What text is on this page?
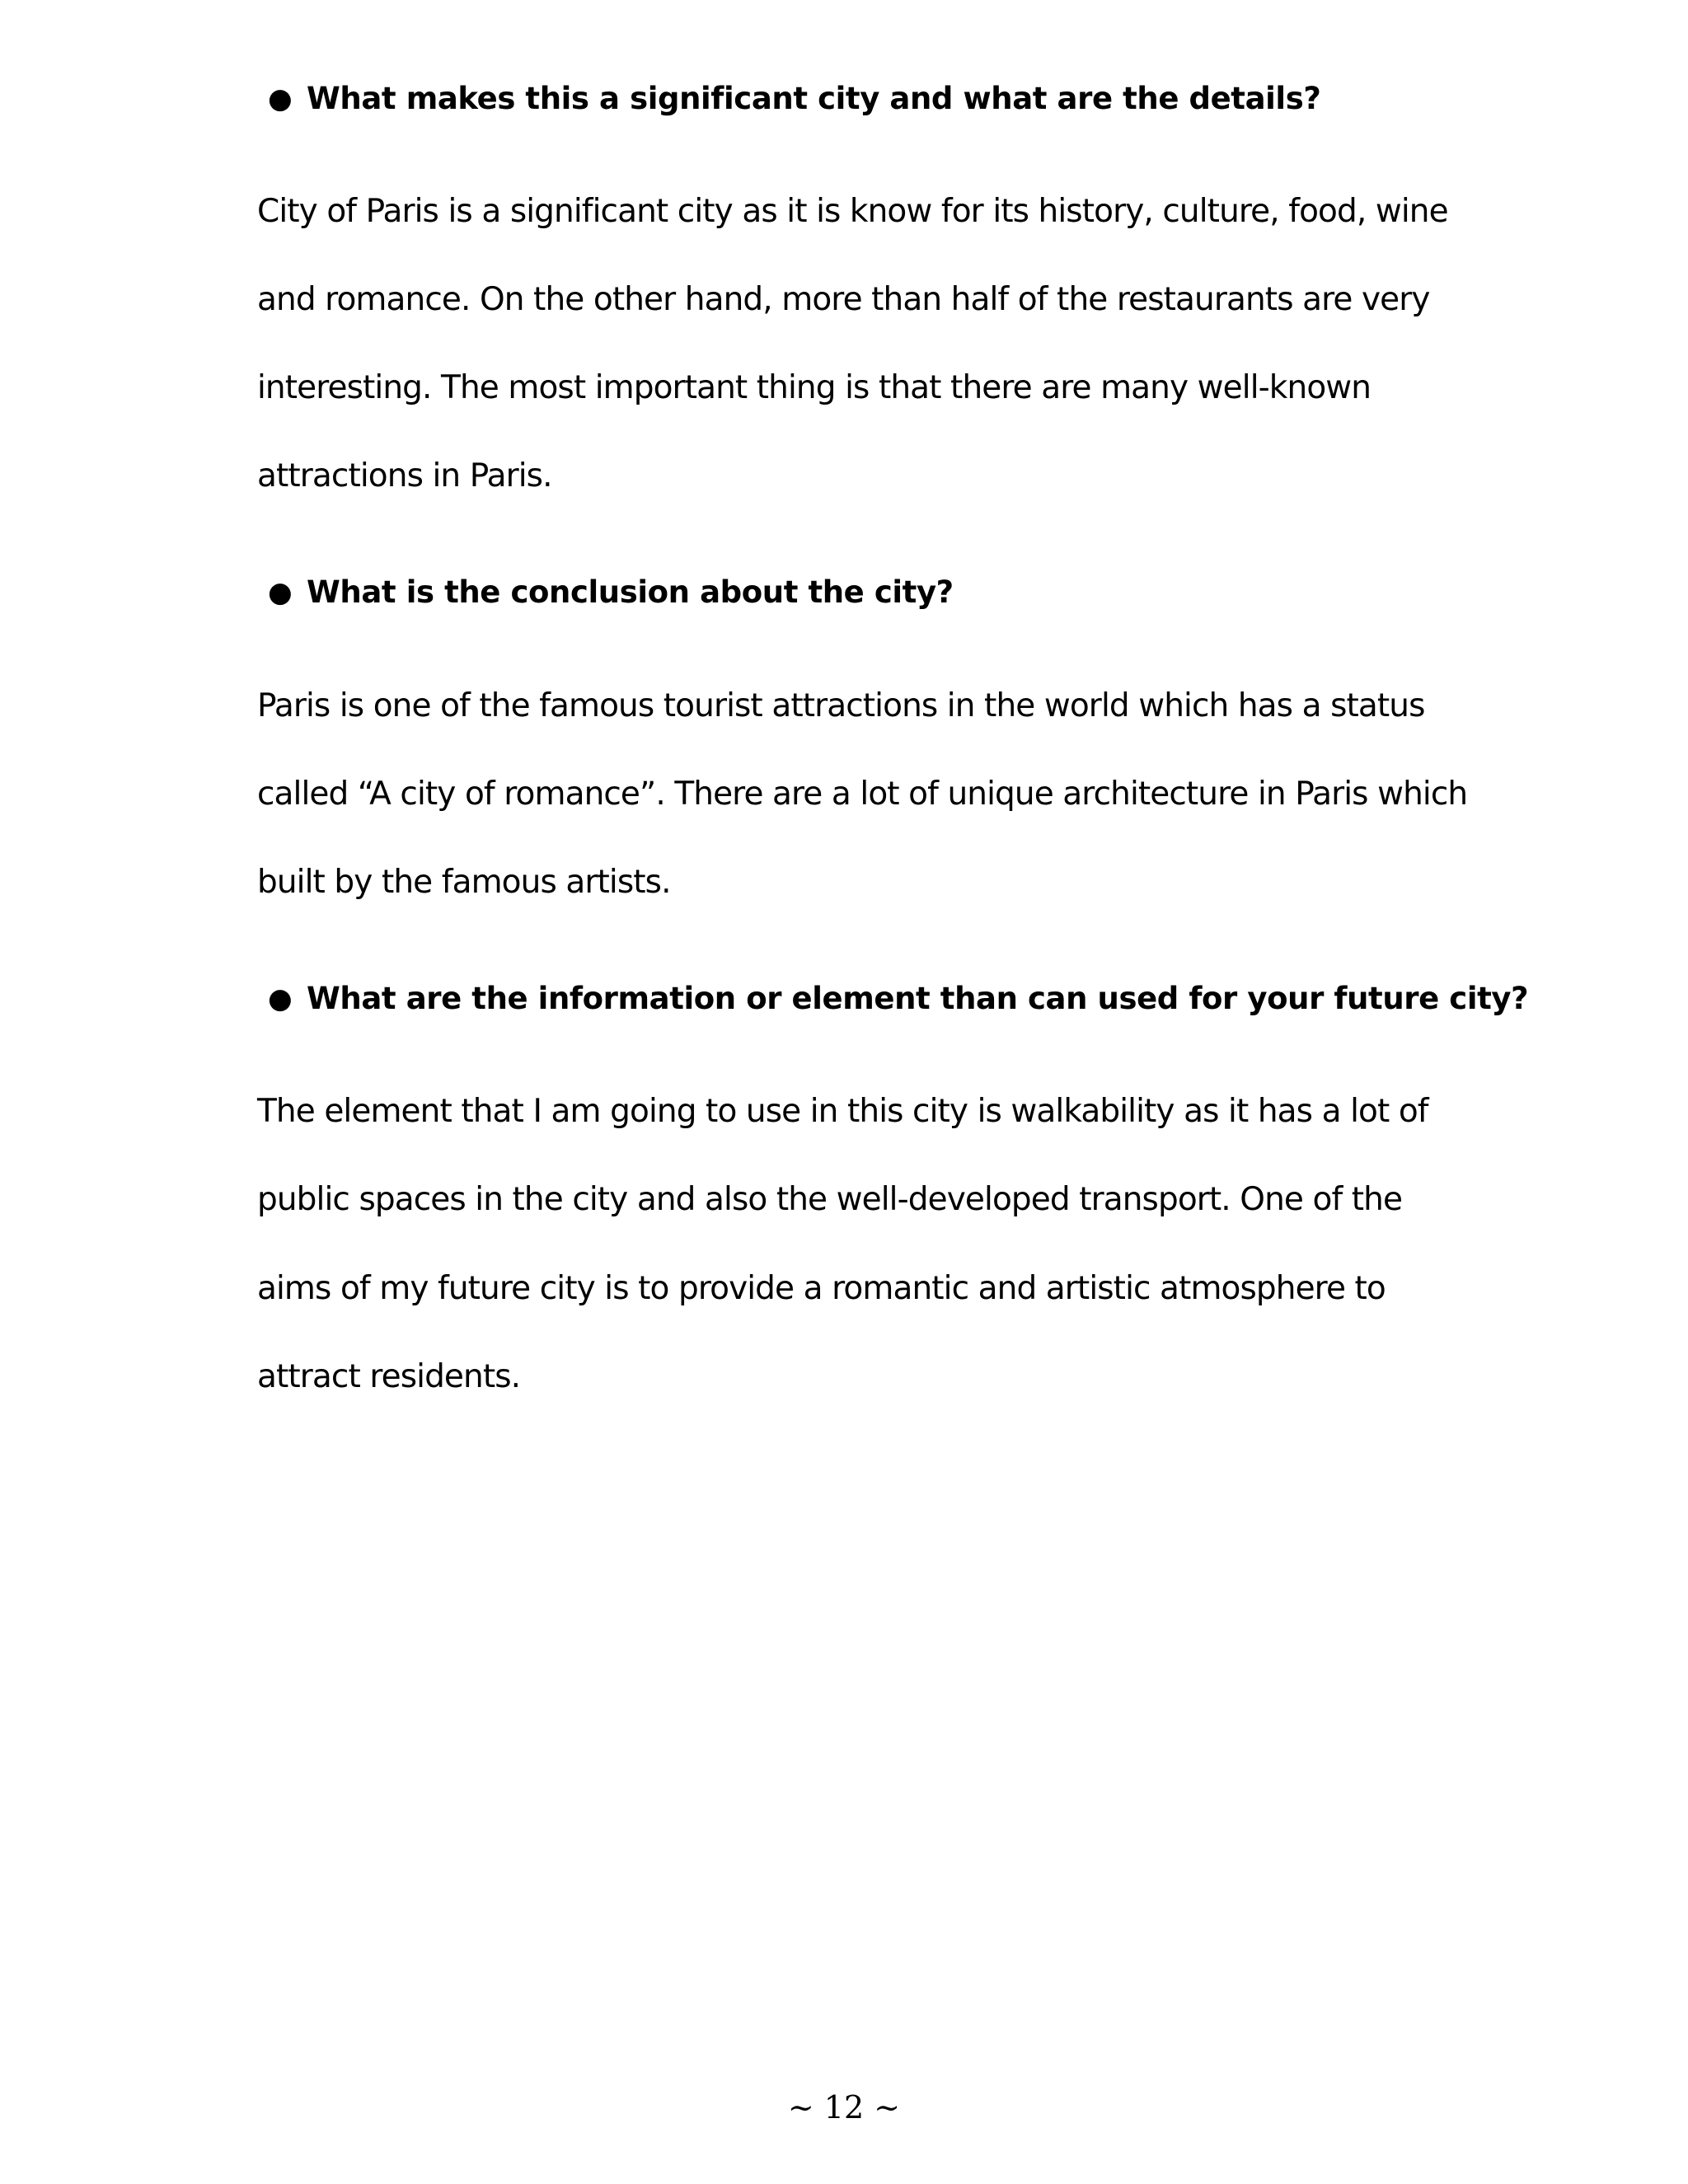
● What makes this a significant city and what are the details?
City of Paris is a significant city as it is know for its history, culture, food, wine
and romance. On the other hand, more than half of the restaurants are very
interesting. The most important thing is that there are many well-known
attractions in Paris.
● What is the conclusion about the city?
Paris is one of the famous tourist attractions in the world which has a status
called “A city of romance”. There are a lot of unique architecture in Paris which
built by the famous artists.
● What are the information or element than can used for your future city?
The element that I am going to use in this city is walkability as it has a lot of
public spaces in the city and also the well-developed transport. One of the
aims of my future city is to provide a romantic and artistic atmosphere to
attract residents.
~ 12 ~
